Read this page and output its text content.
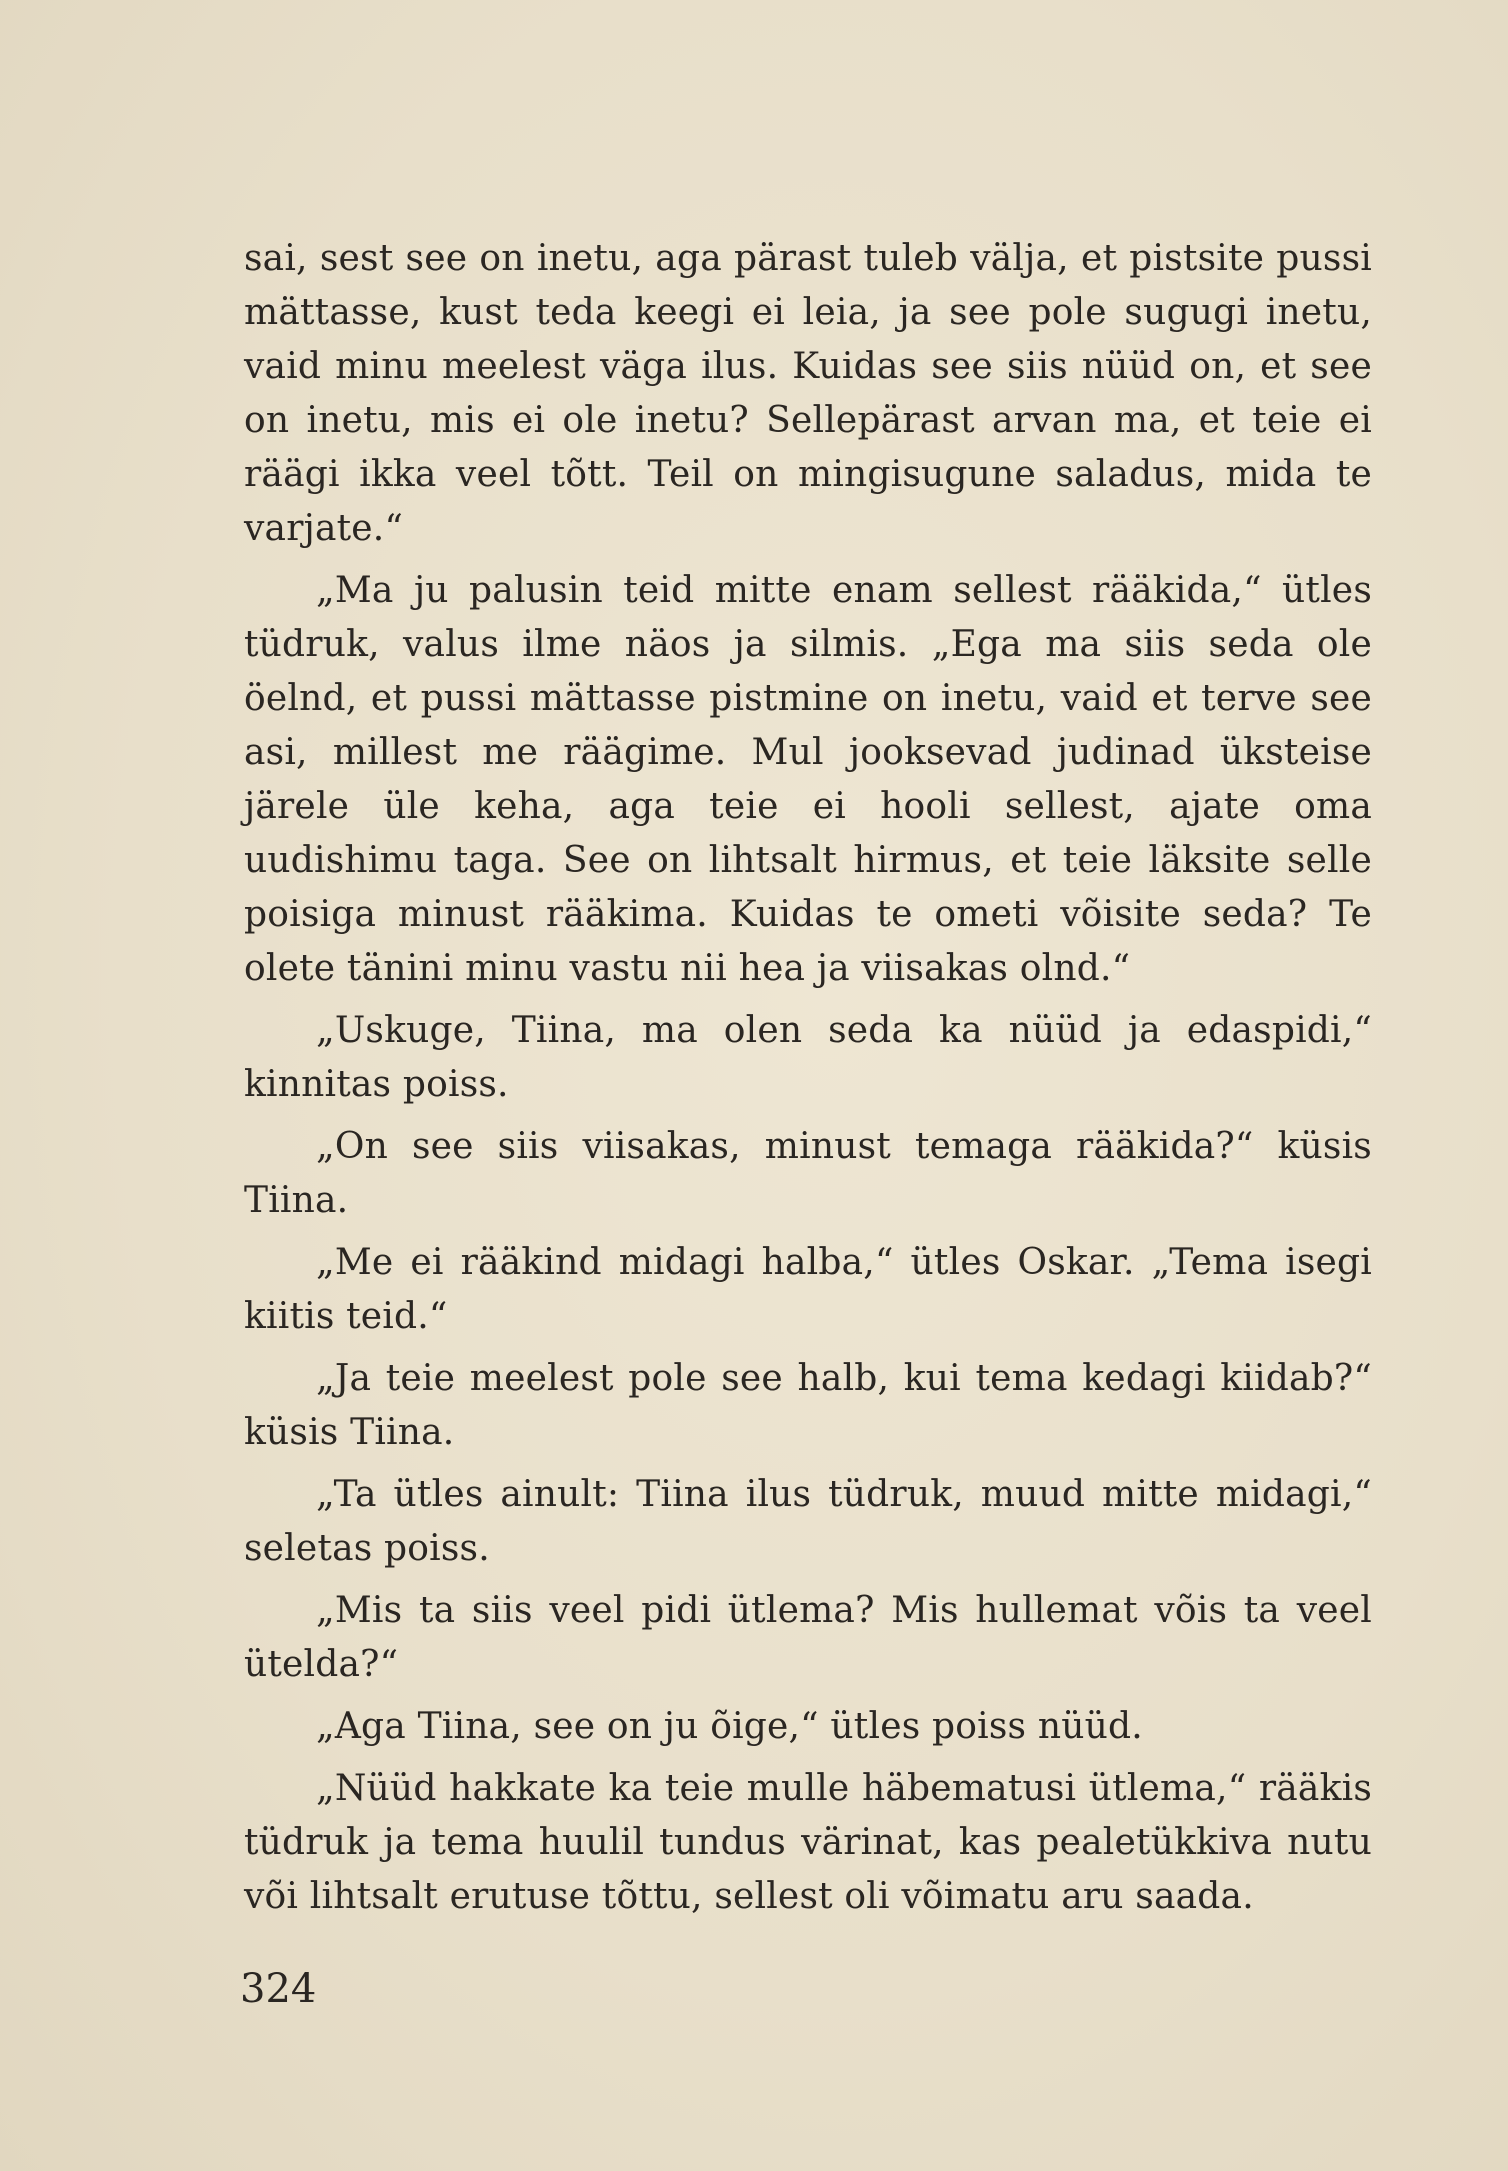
sai, sest see on inetu, aga pärast tuleb välja, et pistsite pussi mättasse, kust teda keegi ei leia, ja see pole sugugi inetu, vaid minu meelest väga ilus. Kuidas see siis nüüd on, et see on inetu, mis ei ole inetu? Sellepärast arvan ma, et teie ei räägi ikka veel tõtt. Teil on mingisugune saladus, mida te varjate.“

„Ma ju palusin teid mitte enam sellest rääkida,“ ütles tüdruk, valus ilme näos ja silmis. „Ega ma siis seda ole öelnd, et pussi mättasse pistmine on inetu, vaid et terve see asi, millest me räägime. Mul jooksevad judinad üksteise järele üle keha, aga teie ei hooli sellest, ajate oma uudishimu taga. See on lihtsalt hirmus, et teie läksite selle poisiga minust rääkima. Kuidas te ometi võisite seda? Te olete tänini minu vastu nii hea ja viisakas olnd.“

„Uskuge, Tiina, ma olen seda ka nüüd ja edaspidi,“ kinnitas poiss.

„On see siis viisakas, minust temaga rääkida?“ küsis Tiina.

„Me ei rääkind midagi halba,“ ütles Oskar. „Tema isegi kiitis teid.“

„Ja teie meelest pole see halb, kui tema kedagi kiidab?“ küsis Tiina.

„Ta ütles ainult: Tiina ilus tüdruk, muud mitte midagi,“ seletas poiss.

„Mis ta siis veel pidi ütlema? Mis hullemat võis ta veel ütelda?“

„Aga Tiina, see on ju õige,“ ütles poiss nüüd.

„Nüüd hakkate ka teie mulle häbematusi ütlema,“ rääkis tüdruk ja tema huulil tundus värinat, kas pealetükkiva nutu või lihtsalt erutuse tõttu, sellest oli võimatu aru saada.

324
